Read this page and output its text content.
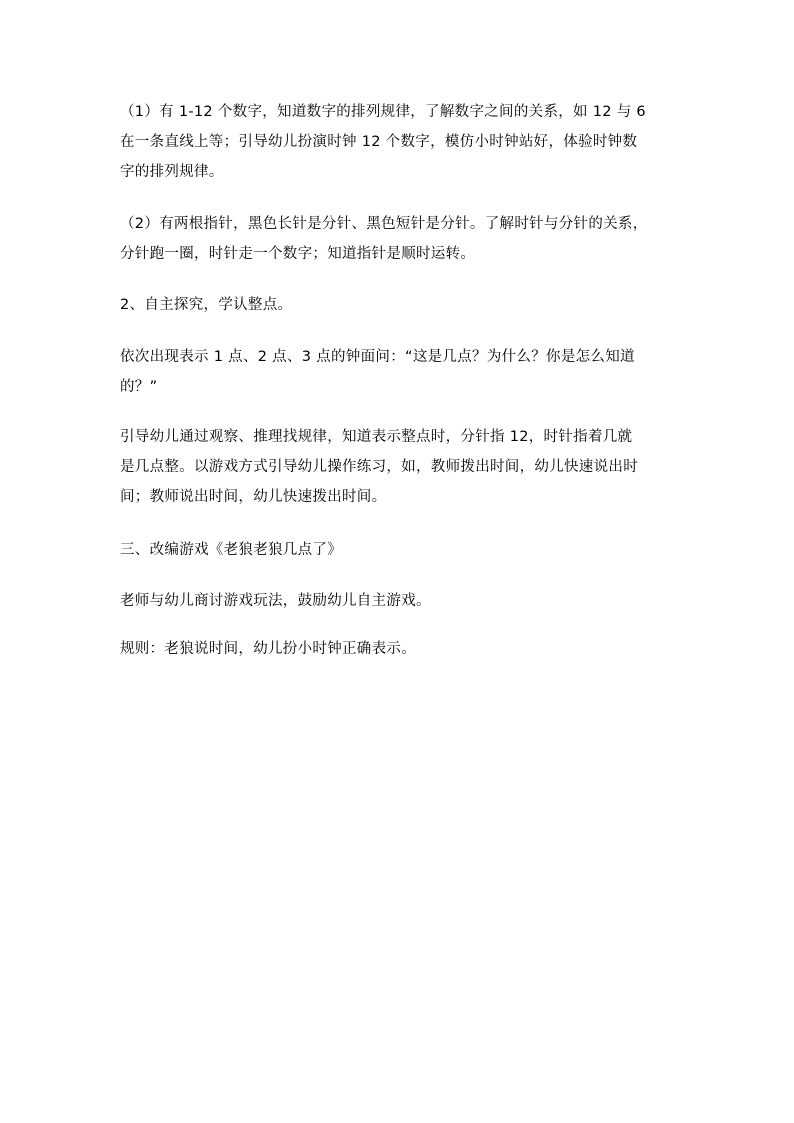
（1）有 1-12 个数字，知道数字的排列规律，了解数字之间的关系，如 12 与 6
在一条直线上等；引导幼儿扮演时钟 12 个数字，模仿小时钟站好，体验时钟数
字的排列规律。
（2）有两根指针，黑色长针是分针、黑色短针是分针。了解时针与分针的关系，
分针跑一圈，时针走一个数字；知道指针是顺时运转。
2、自主探究，学认整点。
依次出现表示 1 点、2 点、3 点的钟面问：“这是几点？为什么？你是怎么知道
的？”
引导幼儿通过观察、推理找规律，知道表示整点时，分针指 12，时针指着几就
是几点整。以游戏方式引导幼儿操作练习，如，教师拨出时间，幼儿快速说出时
间；教师说出时间，幼儿快速拨出时间。
三、改编游戏《老狼老狼几点了》
老师与幼儿商讨游戏玩法，鼓励幼儿自主游戏。
规则：老狼说时间，幼儿扮小时钟正确表示。
